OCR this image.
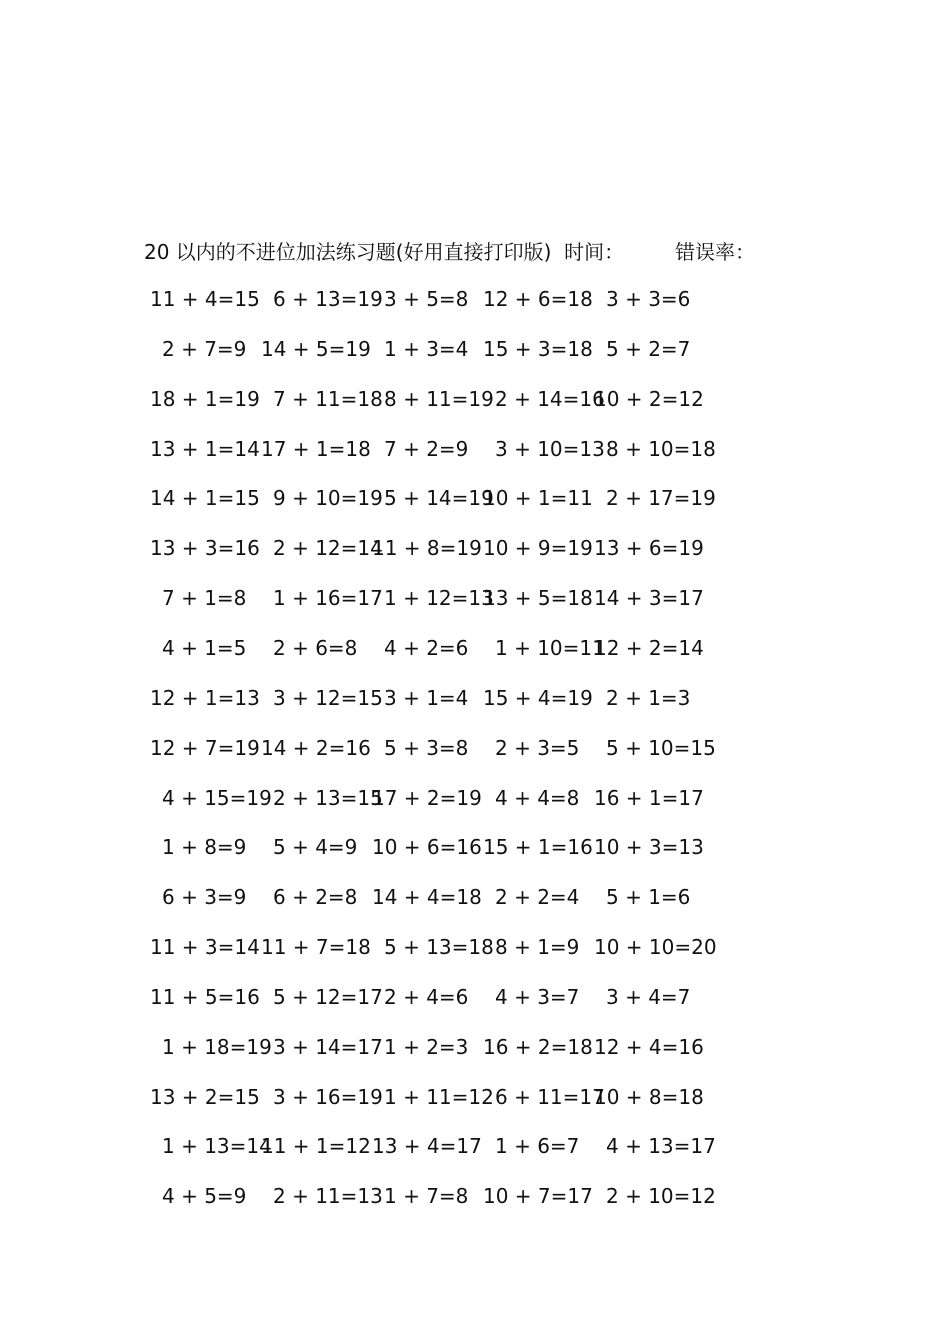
20 以内的不进位加法练习题(好用直接打印版)  时间：        错误率：
11 + 4=15 6 + 13=19 3 + 5=8 12 + 6=18 3 + 3=6
2 + 7=9 14 + 5=19 1 + 3=4 15 + 3=18 5 + 2=7
18 + 1=19 7 + 11=18 8 + 11=19 2 + 14=16
10 + 2=12
13 + 1=14 17 + 1=18 7 + 2=9 3 + 10=13 8 + 10=18
14 + 1=15 9 + 10=19 5 + 14=19
10 + 1=11 2 + 17=19
13 + 3=16 2 + 12=14
11 + 8=19 10 + 9=19 13 + 6=19
7 + 1=8 1 + 16=17 1 + 12=13
13 + 5=18 14 + 3=17
4 + 1=5 2 + 6=8 4 + 2=6 1 + 10=11
12 + 2=14
12 + 1=13 3 + 12=15 3 + 1=4 15 + 4=19 2 + 1=3
12 + 7=19 14 + 2=16 5 + 3=8 2 + 3=5 5 + 10=15
4 + 15=19 2 + 13=15
17 + 2=19 4 + 4=8 16 + 1=17
1 + 8=9 5 + 4=9 10 + 6=16 15 + 1=16 10 + 3=13
6 + 3=9 6 + 2=8 14 + 4=18 2 + 2=4 5 + 1=6
11 + 3=14 11 + 7=18 5 + 13=18 8 + 1=9 10 + 10=20
11 + 5=16 5 + 12=17 2 + 4=6 4 + 3=7 3 + 4=7
1 + 18=19 3 + 14=17 1 + 2=3 16 + 2=18 12 + 4=16
13 + 2=15 3 + 16=19 1 + 11=12 6 + 11=17
10 + 8=18
1 + 13=14
11 + 1=12 13 + 4=17 1 + 6=7 4 + 13=17
4 + 5=9 2 + 11=13 1 + 7=8 10 + 7=17 2 + 10=12
